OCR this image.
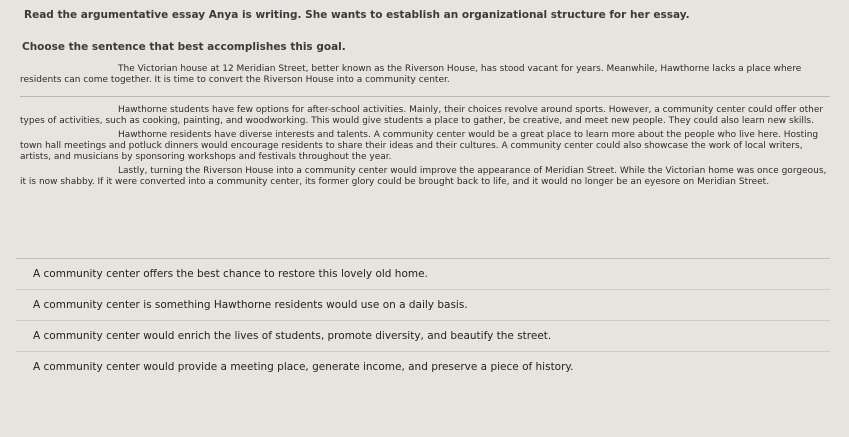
Read the argumentative essay Anya is writing. She wants to establish an organizational structure for her essay.
Choose the sentence that best accomplishes this goal.

The Victorian house at 12 Meridian Street, better known as the Riverson House, has stood vacant for years. Meanwhile, Hawthorne lacks a place where residents can come together. It is time to convert the Riverson House into a community center.

Hawthorne students have few options for after-school activities. Mainly, their choices revolve around sports. However, a community center could offer other types of activities, such as cooking, painting, and woodworking. This would give students a place to gather, be creative, and meet new people. They could also learn new skills.

Hawthorne residents have diverse interests and talents. A community center would be a great place to learn more about the people who live here. Hosting town hall meetings and potluck dinners would encourage residents to share their ideas and their cultures. A community center could also showcase the work of local writers, artists, and musicians by sponsoring workshops and festivals throughout the year.

Lastly, turning the Riverson House into a community center would improve the appearance of Meridian Street. While the Victorian home was once gorgeous, it is now shabby. If it were converted into a community center, its former glory could be brought back to life, and it would no longer be an eyesore on Meridian Street.

A community center offers the best chance to restore this lovely old home.
A community center is something Hawthorne residents would use on a daily basis.
A community center would enrich the lives of students, promote diversity, and beautify the street.
A community center would provide a meeting place, generate income, and preserve a piece of history.
